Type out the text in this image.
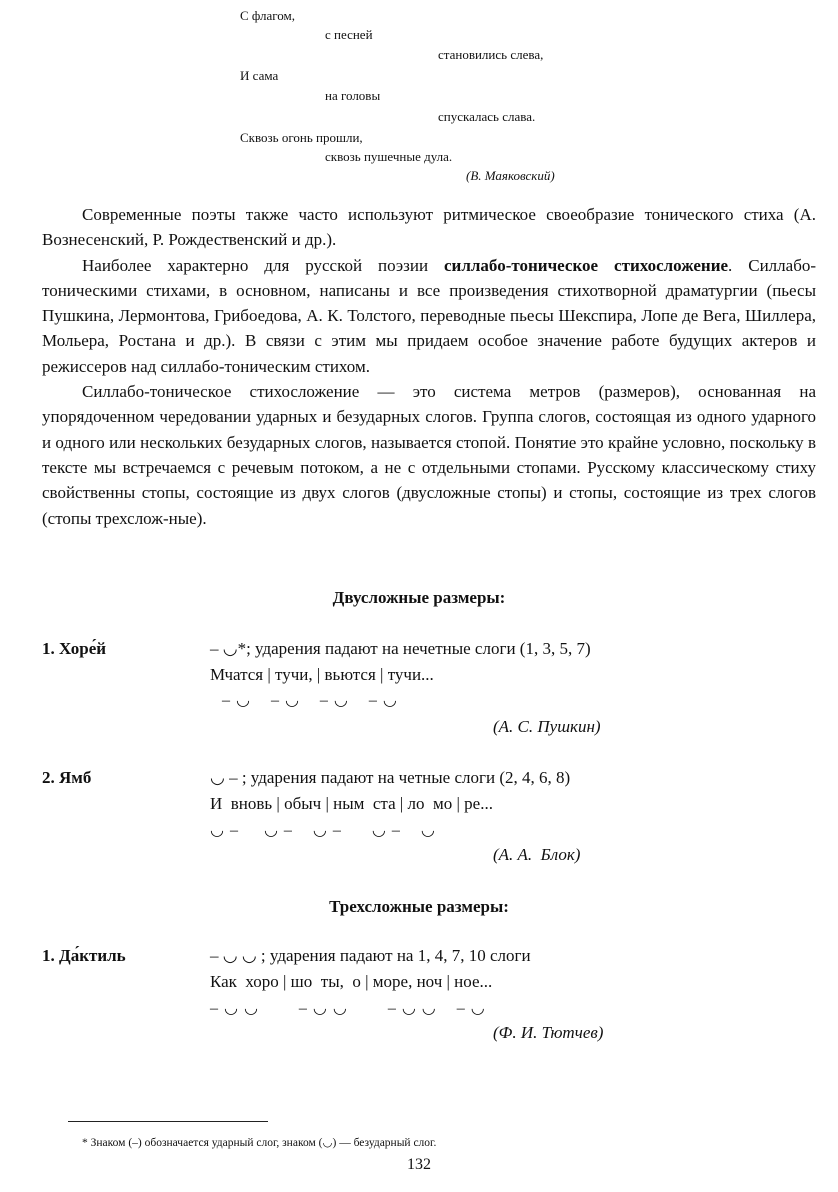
С флагом,
с песней
становились слева,
И сама
на головы
спускалась слава.
Сквозь огонь прошли,
сквозь пушечные дула.
(В. Маяковский)

Современные поэты также часто используют ритмическое своеобразие тонического стиха (А. Вознесенский, Р. Рождественский и др.).

Наиболее характерно для русской поэзии силлабо-тоническое стихосложение. Силлабо-тоническими стихами, в основном, написаны и все произведения стихотворной драматургии (пьесы Пушкина, Лермонтова, Грибоедова, А. К. Толстого, переводные пьесы Шекспира, Лопе де Вега, Шиллера, Мольера, Ростана и др.). В связи с этим мы придаем особое значение работе будущих актеров и режиссеров над силлабо-тоническим стихом.

Силлабо-тоническое стихосложение — это система метров (размеров), основанная на упорядоченном чередовании ударных и безударных слогов. Группа слогов, состоящая из одного ударного и одного или нескольких безударных слогов, называется стопой. Понятие это крайне условно, поскольку в тексте мы встречаемся с речевым потоком, а не с отдельными стопами. Русскому классическому стиху свойственны стопы, состоящие из двух слогов (двусложные стопы) и стопы, состоящие из трех слогов (стопы трехслож-ные).

Двусложные размеры:
1. Хоре́й	– ◡*; ударения падают на нечетные слоги (1, 3, 5, 7)
Мчатся | тучи, | вьются | тучи...
– ◡    – ◡    – ◡    – ◡
(А. С. Пушкин)
2. Ямб	◡ – ; ударения падают на четные слоги (2, 4, 6, 8)
И  вновь | обыч | ным  ста | ло  мо | ре...
◡ –     ◡ –    ◡ –      ◡ –    ◡
(А. А.  Блок)
Трехсложные размеры:
1. Да́ктиль	– ◡ ◡ ; ударения падают на 1, 4, 7, 10 слоги
Как  хоро | шо  ты,  о | море, ноч | ное...
– ◡ ◡        – ◡ ◡        – ◡ ◡    – ◡
(Ф. И. Тютчев)
* Знаком (–) обозначается ударный слог, знаком (◡) — безударный слог.
132
